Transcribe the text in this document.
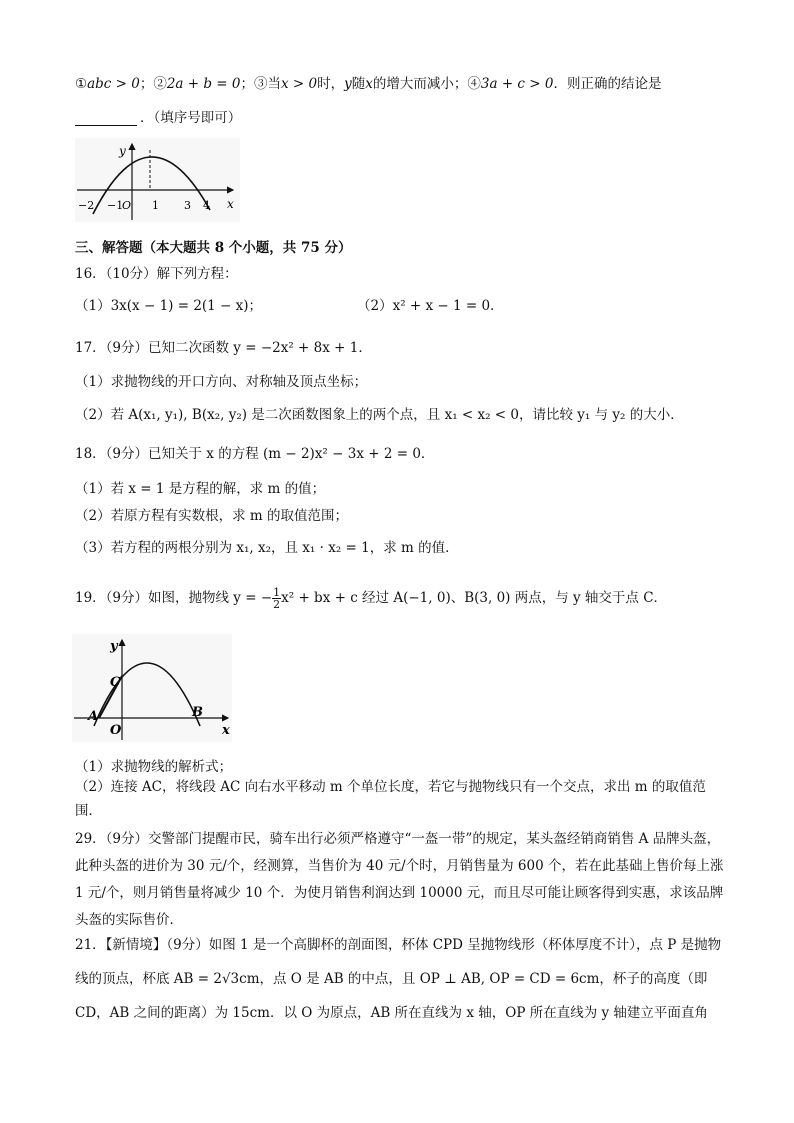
①abc > 0；②2a + b = 0；③当x > 0时，y随x的增大而减小；④3a + c > 0．则正确的结论是
．（填序号即可）
y
x
−2 −1
O 1 3 4
三、解答题（本大题共 8 个小题，共 75 分）
16．（10分）解下列方程：
（1）3x(x − 1) = 2(1 − x)；	（2）x² + x − 1 = 0．
17．（9分）已知二次函数 y = −2x² + 8x + 1．
（1）求抛物线的开口方向、对称轴及顶点坐标；
（2）若 A(x₁, y₁), B(x₂, y₂) 是二次函数图象上的两个点，且 x₁ < x₂ < 0，请比较 y₁ 与 y₂ 的大小．
18．（9分）已知关于 x 的方程 (m − 2)x² − 3x + 2 = 0．
（1）若 x = 1 是方程的解，求 m 的值；
（2）若原方程有实数根，求 m 的取值范围；
（3）若方程的两根分别为 x₁, x₂，且 x₁ · x₂ = 1，求 m 的值．
19．（9分）如图，抛物线 y = − $\frac{1}{2} x^2$ + bx + c 经过 A(−1, 0)、B(3, 0) 两点，与 y 轴交于点 C．
y
x
A
O
B
C
（1）求抛物线的解析式；
（2）连接 AC，将线段 AC 向右水平移动 m 个单位长度，若它与抛物线只有一个交点，求出 m 的取值范围．
29．（9分）交警部门提醒市民，骑车出行必须严格遵守“一盔一带”的规定，某头盔经销商销售 A 品牌头盔，此种头盔的进价为 30 元/个，经测算，当售价为 40 元/个时，月销售量为 600 个，若在此基础上售价每上涨 1 元/个，则月销售量将减少 10 个．为使月销售利润达到 10000 元，而且尽可能让顾客得到实惠，求该品牌头盔的实际售价．
21．【新情境】（9分）如图 1 是一个高脚杯的剖面图，杯体 CPD 呈抛物线形（杯体厚度不计），点 P 是抛物线的顶点，杯底 AB = 2√3cm，点 O 是 AB 的中点，且 OP ⊥ AB, OP = CD = 6cm，杯子的高度（即 CD，AB 之间的距离）为 15cm．以 O 为原点，AB 所在直线为 x 轴，OP 所在直线为 y 轴建立平面直角
